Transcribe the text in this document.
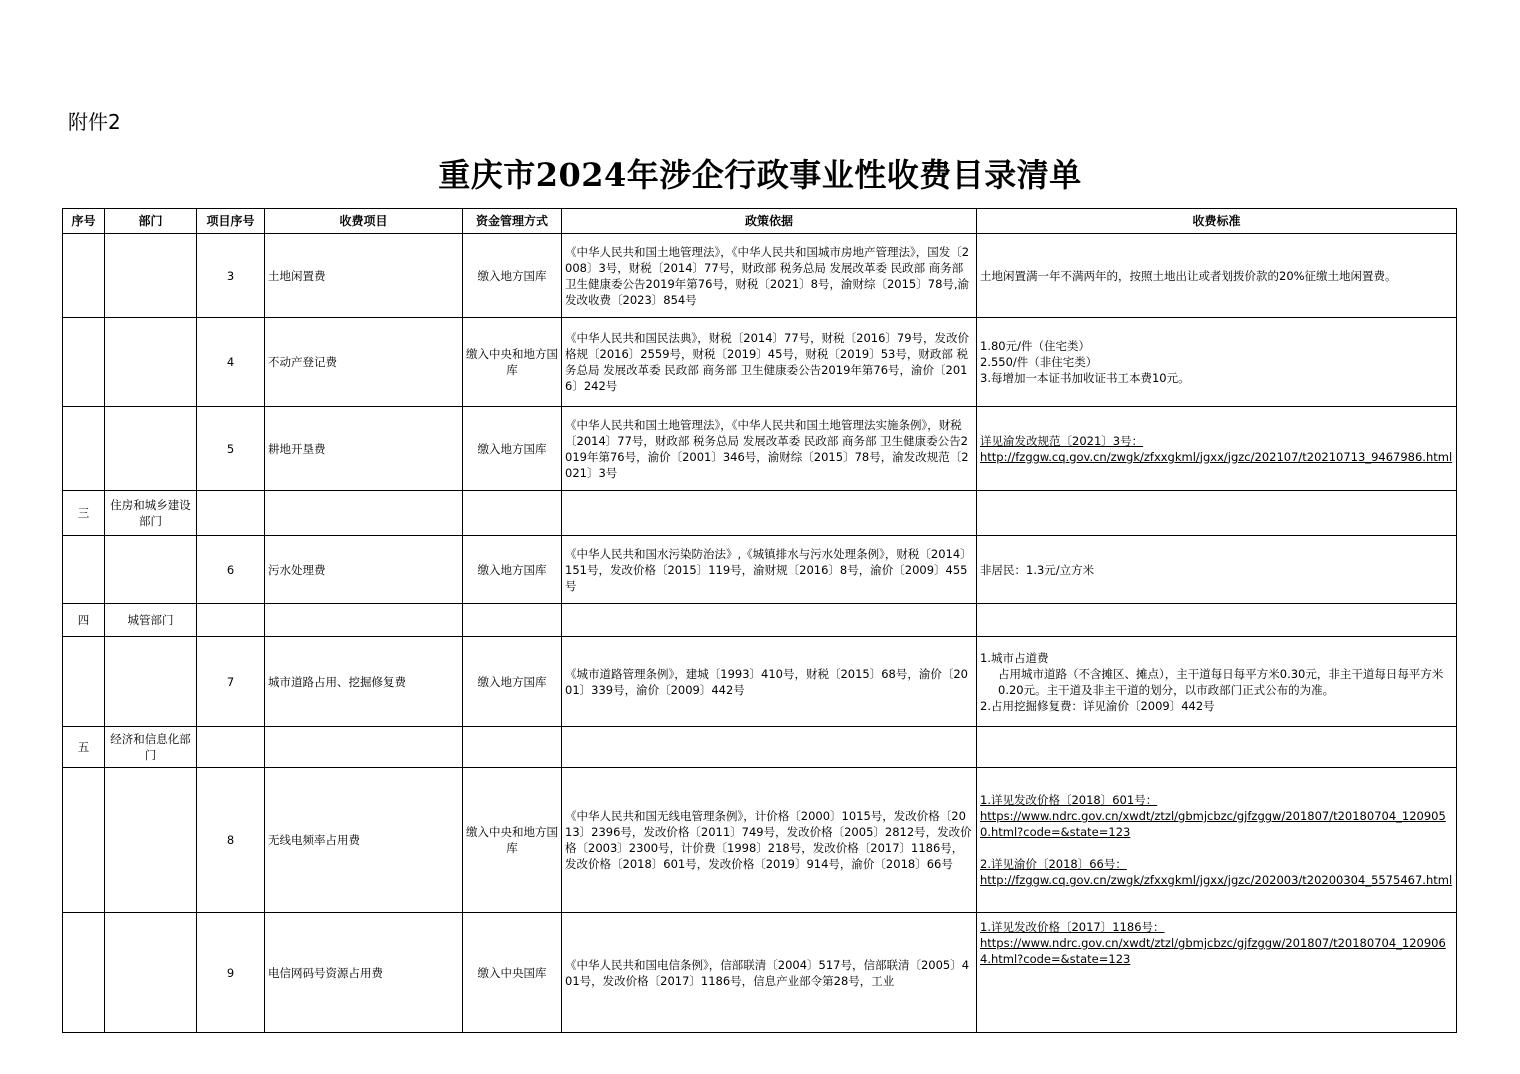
附件2
重庆市2024年涉企行政事业性收费目录清单
序号	部门	项目序号	收费项目	资金管理方式	政策依据	收费标准
		3	土地闲置费	缴入地方国库	《中华人民共和国土地管理法》，《中华人民共和国城市房地产管理法》，国发〔2008〕3号，财税〔2014〕77号，财政部 税务总局 发展改革委 民政部 商务部 卫生健康委公告2019年第76号，财税〔2021〕8号，渝财综〔2015〕78号,渝发改收费〔2023〕854号	土地闲置满一年不满两年的，按照土地出让或者划拨价款的20%征缴土地闲置费。

		4	不动产登记费	缴入中央和地方国库	《中华人民共和国民法典》，财税〔2014〕77号，财税〔2016〕79号，发改价格规〔2016〕2559号，财税〔2019〕45号，财税〔2019〕53号，财政部 税务总局 发展改革委 民政部 商务部 卫生健康委公告2019年第76号，渝价〔2016〕242号	1.80元/件（住宅类）
2.550/件（非住宅类）
3.每增加一本证书加收证书工本费10元。

		5	耕地开垦费	缴入地方国库	《中华人民共和国土地管理法》，《中华人民共和国土地管理法实施条例》，财税〔2014〕77号，财政部 税务总局 发展改革委 民政部 商务部 卫生健康委公告2019年第76号，渝价〔2001〕346号，渝财综〔2015〕78号，渝发改规范〔2021〕3号	详见渝发改规范〔2021〕3号：
http://fzggw.cq.gov.cn/zwgk/zfxxgkml/jgxx/jgzc/202107/t20210713_9467986.html

三	住房和城乡建设部门					
		6	污水处理费	缴入地方国库	《中华人民共和国水污染防治法》,《城镇排水与污水处理条例》，财税〔2014〕151号，发改价格〔2015〕119号，渝财规〔2016〕8号，渝价〔2009〕455号	非居民：1.3元/立方米

四	城管部门					
		7	城市道路占用、挖掘修复费	缴入地方国库	《城市道路管理条例》，建城〔1993〕410号，财税〔2015〕68号，渝价〔2001〕339号，渝价〔2009〕442号	1.城市占道费
占用城市道路（不含摊区、摊点），主干道每日每平方米0.30元，非主干道每日每平方米0.20元。主干道及非主干道的划分，以市政部门正式公布的为准。
2.占用挖掘修复费：详见渝价〔2009〕442号

五	经济和信息化部门					
		8	无线电频率占用费	缴入中央和地方国库	《中华人民共和国无线电管理条例》，计价格〔2000〕1015号，发改价格〔2013〕2396号，发改价格〔2011〕749号，发改价格〔2005〕2812号，发改价格〔2003〕2300号，计价费〔1998〕218号，发改价格〔2017〕1186号，发改价格〔2018〕601号，发改价格〔2019〕914号，渝价〔2018〕66号	1.详见发改价格〔2018〕601号：
https://www.ndrc.gov.cn/xwdt/ztzl/gbmjcbzc/gjfzggw/201807/t20180704_1209050.html?code=&state=123
2.详见渝价〔2018〕66号：
http://fzggw.cq.gov.cn/zwgk/zfxxgkml/jgxx/jgzc/202003/t20200304_5575467.html

		9	电信网码号资源占用费	缴入中央国库	《中华人民共和国电信条例》，信部联清〔2004〕517号，信部联清〔2005〕401号，发改价格〔2017〕1186号，信息产业部令第28号，工业	1.详见发改价格〔2017〕1186号：
https://www.ndrc.gov.cn/xwdt/ztzl/gbmjcbzc/gjfzggw/201807/t20180704_1209064.html?code=&state=123
